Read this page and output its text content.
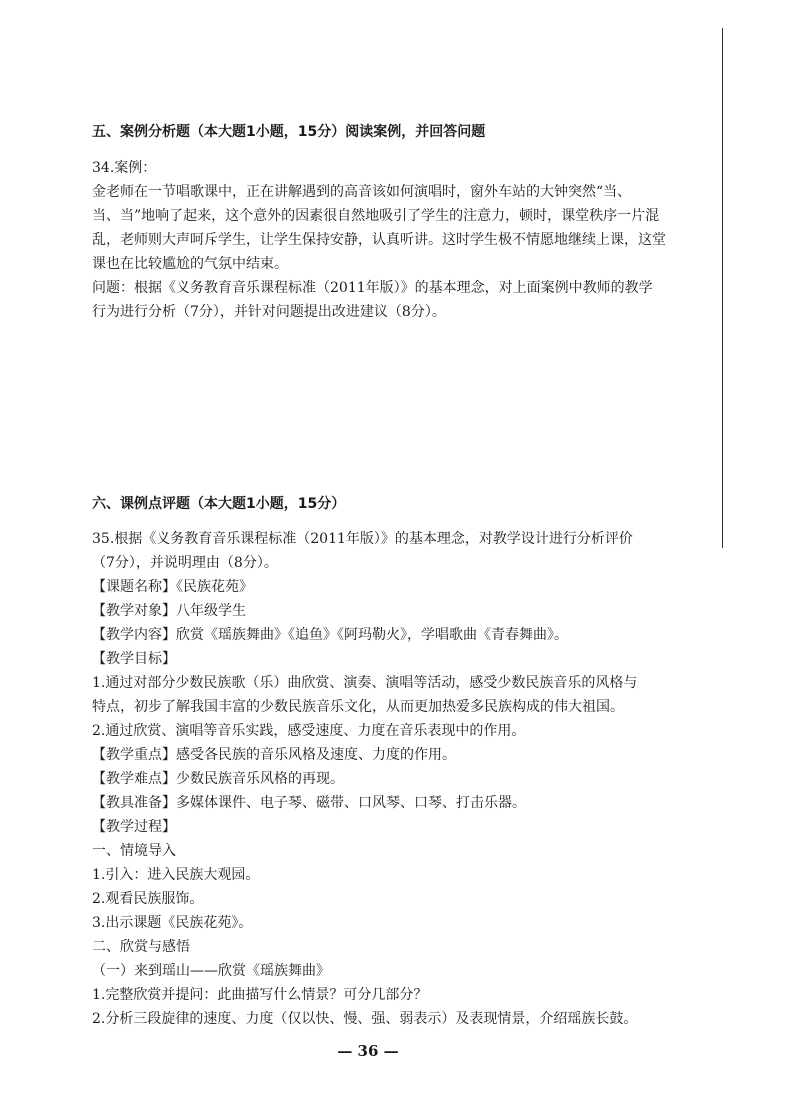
五、案例分析题（本大题1小题，15分）阅读案例，并回答问题
34.案例：
金老师在一节唱歌课中，正在讲解遇到的高音该如何演唱时，窗外车站的大钟突然“当、
当、当”地响了起来，这个意外的因素很自然地吸引了学生的注意力，顿时，课堂秩序一片混
乱，老师则大声呵斥学生，让学生保持安静，认真听讲。这时学生极不情愿地继续上课，这堂
课也在比较尴尬的气氛中结束。
问题：根据《义务教育音乐课程标准（2011年版）》的基本理念，对上面案例中教师的教学
行为进行分析（7分），并针对问题提出改进建议（8分）。
六、课例点评题（本大题1小题，15分）
35.根据《义务教育音乐课程标准（2011年版）》的基本理念，对教学设计进行分析评价
（7分），并说明理由（8分）。
【课题名称】《民族花苑》
【教学对象】八年级学生
【教学内容】欣赏《瑶族舞曲》《追鱼》《阿玛勒火》，学唱歌曲《青春舞曲》。
【教学目标】
1.通过对部分少数民族歌（乐）曲欣赏、演奏、演唱等活动，感受少数民族音乐的风格与
特点，初步了解我国丰富的少数民族音乐文化，从而更加热爱多民族构成的伟大祖国。
2.通过欣赏、演唱等音乐实践，感受速度、力度在音乐表现中的作用。
【教学重点】感受各民族的音乐风格及速度、力度的作用。
【教学难点】少数民族音乐风格的再现。
【教具准备】多媒体课件、电子琴、磁带、口风琴、口琴、打击乐器。
【教学过程】
一、情境导入
1.引入：进入民族大观园。
2.观看民族服饰。
3.出示课题《民族花苑》。
二、欣赏与感悟
（一）来到瑶山——欣赏《瑶族舞曲》
1.完整欣赏并提问：此曲描写什么情景？可分几部分？
2.分析三段旋律的速度、力度（仅以快、慢、强、弱表示）及表现情景，介绍瑶族长鼓。
— 36 —
